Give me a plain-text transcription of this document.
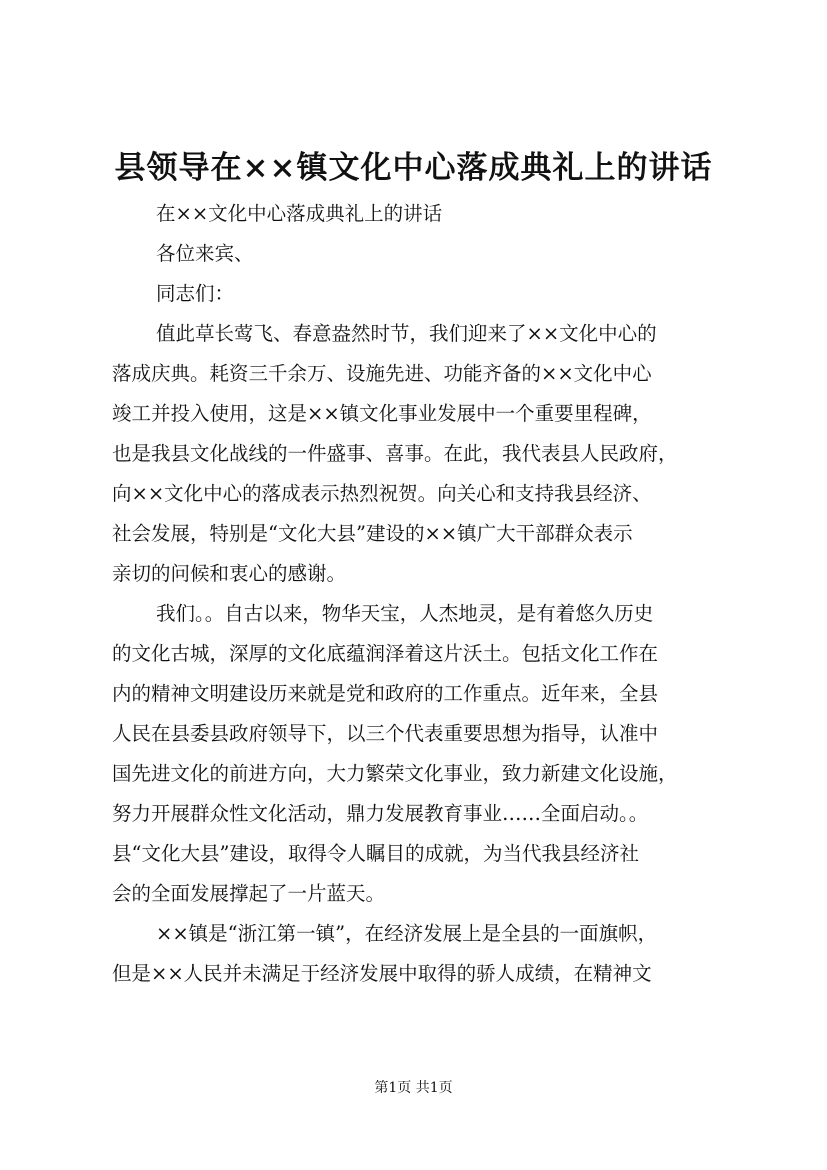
县领导在××镇文化中心落成典礼上的讲话
在××文化中心落成典礼上的讲话
各位来宾、
同志们：
值此草长莺飞、春意盎然时节，我们迎来了××文化中心的
落成庆典。耗资三千余万、设施先进、功能齐备的××文化中心
竣工并投入使用，这是××镇文化事业发展中一个重要里程碑，
也是我县文化战线的一件盛事、喜事。在此，我代表县人民政府，
向××文化中心的落成表示热烈祝贺。向关心和支持我县经济、
社会发展，特别是“文化大县”建设的××镇广大干部群众表示
亲切的问候和衷心的感谢。
我们。。自古以来，物华天宝，人杰地灵，是有着悠久历史
的文化古城，深厚的文化底蕴润泽着这片沃土。包括文化工作在
内的精神文明建设历来就是党和政府的工作重点。近年来，全县
人民在县委县政府领导下，以三个代表重要思想为指导，认准中
国先进文化的前进方向，大力繁荣文化事业，致力新建文化设施，
努力开展群众性文化活动，鼎力发展教育事业……全面启动。。
县“文化大县”建设，取得令人瞩目的成就，为当代我县经济社
会的全面发展撑起了一片蓝天。
××镇是“浙江第一镇”，在经济发展上是全县的一面旗帜，
但是××人民并未满足于经济发展中取得的骄人成绩，在精神文
第1页 共1页
